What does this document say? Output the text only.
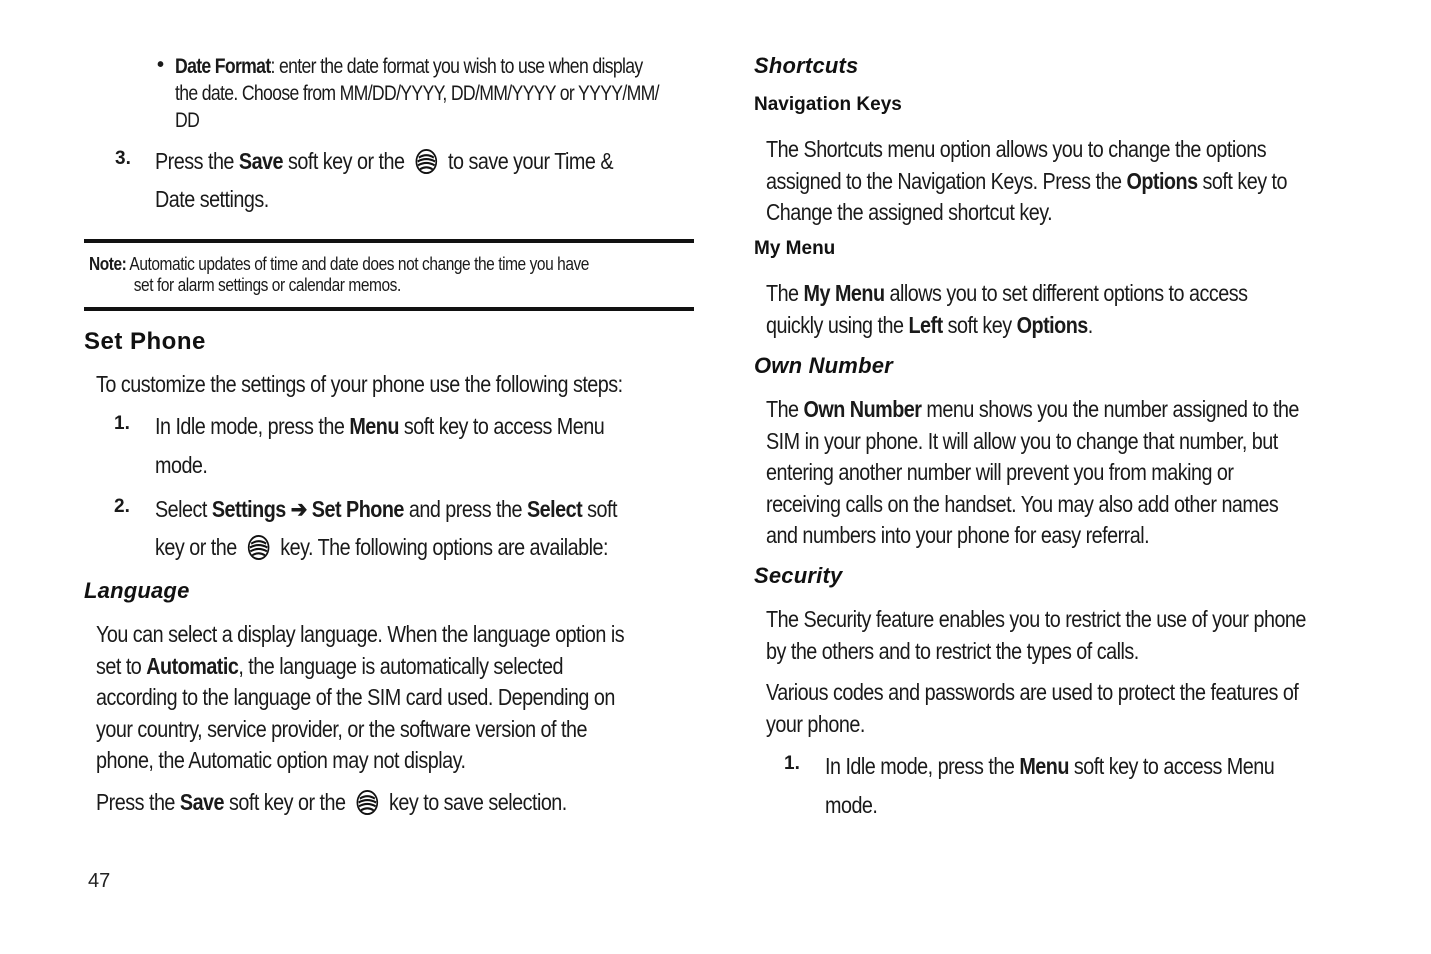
• Date Format: enter the date format you wish to use when display
the date. Choose from MM/DD/YYYY, DD/MM/YYYY or YYYY/MM/
DD
3. Press the Save soft key or the  to save your Time &
Date settings.
Note: Automatic updates of time and date does not change the time you have
set for alarm settings or calendar memos.
Set Phone
To customize the settings of your phone use the following steps:
1. In Idle mode, press the Menu soft key to access Menu
mode.
2. Select Settings ➔ Set Phone and press the Select soft
key or the  key. The following options are available:
Language
You can select a display language. When the language option is
set to Automatic, the language is automatically selected
according to the language of the SIM card used. Depending on
your country, service provider, or the software version of the
phone, the Automatic option may not display.
Press the Save soft key or the  key to save selection.
47
Shortcuts
Navigation Keys
The Shortcuts menu option allows you to change the options
assigned to the Navigation Keys. Press the Options soft key to
Change the assigned shortcut key.
My Menu
The My Menu allows you to set different options to access
quickly using the Left soft key Options.
Own Number
The Own Number menu shows you the number assigned to the
SIM in your phone. It will allow you to change that number, but
entering another number will prevent you from making or
receiving calls on the handset. You may also add other names
and numbers into your phone for easy referral.
Security
The Security feature enables you to restrict the use of your phone
by the others and to restrict the types of calls.
Various codes and passwords are used to protect the features of
your phone.
1. In Idle mode, press the Menu soft key to access Menu
mode.
